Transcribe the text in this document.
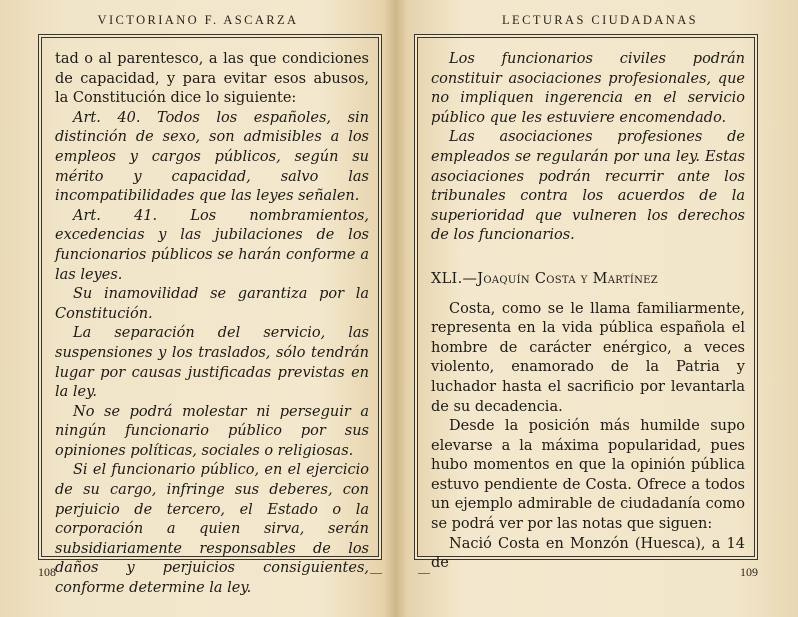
VICTORIANO F. ASCARZA

tad o al parentesco, a las que condiciones de capacidad, y para evitar esos abusos, la Constitución dice lo siguiente:

Art. 40. Todos los españoles, sin distinción de sexo, son admisibles a los empleos y cargos públicos, según su mérito y capacidad, salvo las incompatibilidades que las leyes señalen.

Art. 41. Los nombramientos, excedencias y las jubilaciones de los funcionarios públicos se harán conforme a las leyes.

Su inamovilidad se garantiza por la Constitución.

La separación del servicio, las suspensiones y los traslados, sólo tendrán lugar por causas justificadas previstas en la ley.

No se podrá molestar ni perseguir a ningún funcionario público por sus opiniones políticas, sociales o religiosas.

Si el funcionario público, en el ejercicio de su cargo, infringe sus deberes, con perjuicio de tercero, el Estado o la corporación a quien sirva, serán subsidiariamente responsables de los daños y perjuicios consiguientes, conforme determine la ley.

108	—
LECTURAS CIUDADANAS

Los funcionarios civiles podrán constituir asociaciones profesionales, que no impliquen ingerencia en el servicio público que les estuviere encomendado.

Las asociaciones profesiones de empleados se regularán por una ley. Estas asociaciones podrán recurrir ante los tribunales contra los acuerdos de la superioridad que vulneren los derechos de los funcionarios.

XLI.—Joaquín Costa y Martínez

Costa, como se le llama familiarmente, representa en la vida pública española el hombre de carácter enérgico, a veces violento, enamorado de la Patria y luchador hasta el sacrificio por levantarla de su decadencia.

Desde la posición más humilde supo elevarse a la máxima popularidad, pues hubo momentos en que la opinión pública estuvo pendiente de Costa. Ofrece a todos un ejemplo admirable de ciudadanía como se podrá ver por las notas que siguen:

Nació Costa en Monzón (Huesca), a 14 de

—	109
